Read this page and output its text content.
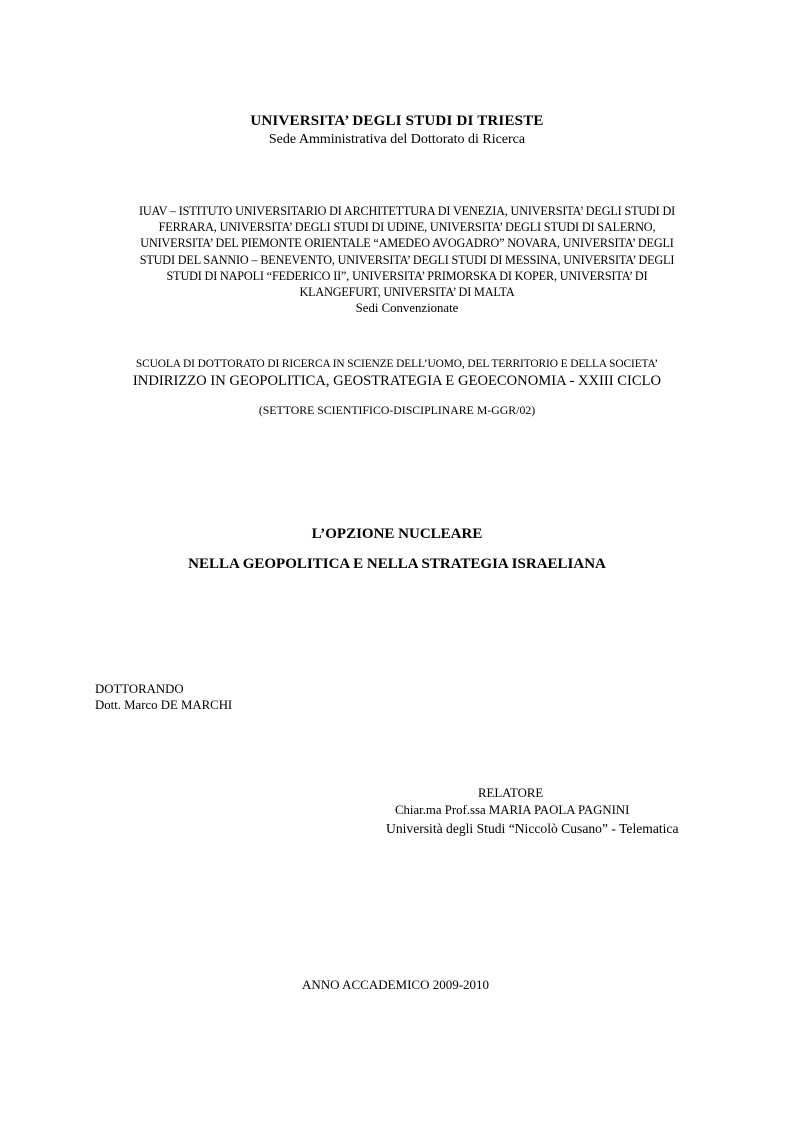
UNIVERSITA’ DEGLI STUDI DI TRIESTE
Sede Amministrativa del Dottorato di Ricerca
IUAV – ISTITUTO UNIVERSITARIO DI ARCHITETTURA DI VENEZIA, UNIVERSITA’ DEGLI STUDI DI
FERRARA, UNIVERSITA’ DEGLI STUDI DI UDINE, UNIVERSITA’ DEGLI STUDI DI SALERNO,
UNIVERSITA’ DEL PIEMONTE ORIENTALE “AMEDEO AVOGADRO” NOVARA, UNIVERSITA’ DEGLI
STUDI DEL SANNIO – BENEVENTO, UNIVERSITA’ DEGLI STUDI DI MESSINA, UNIVERSITA’ DEGLI
STUDI DI NAPOLI “FEDERICO II”, UNIVERSITA’ PRIMORSKA DI KOPER, UNIVERSITA’ DI
KLANGEFURT, UNIVERSITA’ DI MALTA
Sedi Convenzionate
SCUOLA DI DOTTORATO DI RICERCA IN SCIENZE DELL’UOMO, DEL TERRITORIO E DELLA SOCIETA’
INDIRIZZO IN GEOPOLITICA, GEOSTRATEGIA E GEOECONOMIA - XXIII CICLO
(SETTORE SCIENTIFICO-DISCIPLINARE M-GGR/02)
L’OPZIONE NUCLEARE
NELLA GEOPOLITICA E NELLA STRATEGIA ISRAELIANA
DOTTORANDO
Dott. Marco DE MARCHI
RELATORE
Chiar.ma Prof.ssa MARIA PAOLA PAGNINI
Università degli Studi “Niccolò Cusano” - Telematica
ANNO ACCADEMICO 2009-2010
